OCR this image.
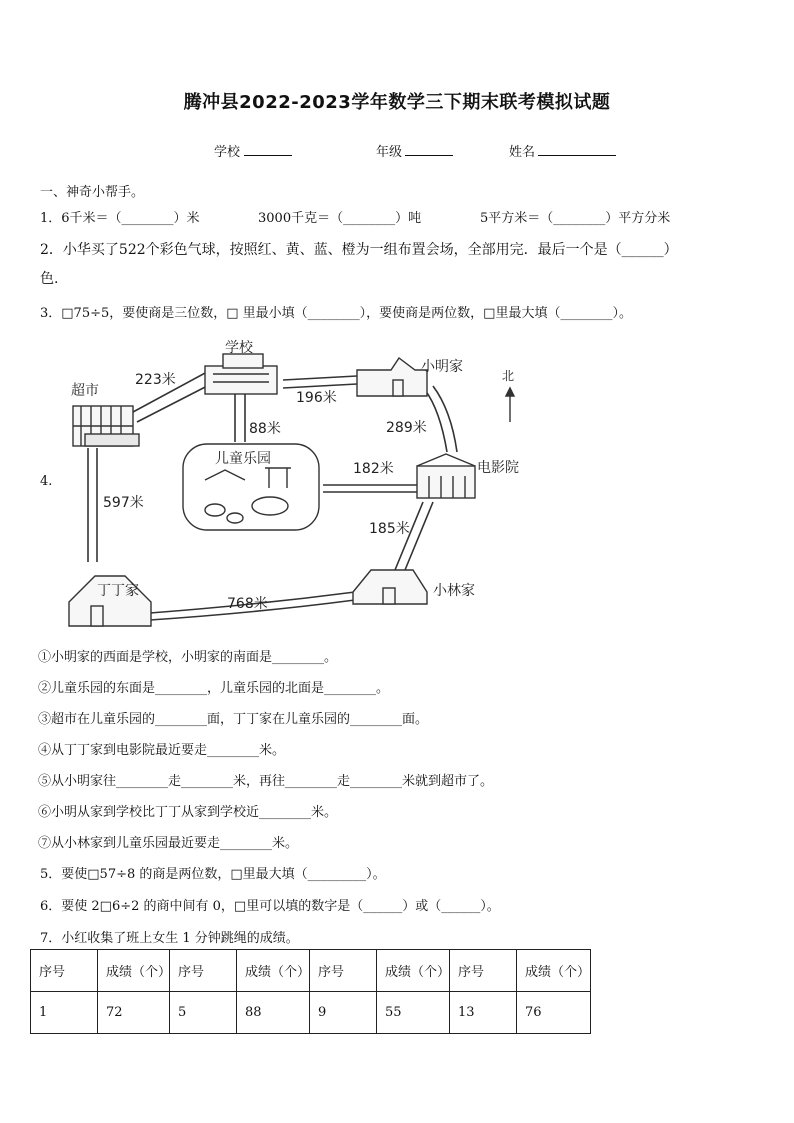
腾冲县2022-2023学年数学三下期末联考模拟试题
学校	年级	姓名
一、神奇小帮手。
1．6千米＝（________）米	3000千克＝（________）吨	5平方米＝（________）平方分米
2．小华买了522个彩色气球，按照红、黄、蓝、橙为一组布置会场，全部用完．最后一个是（______）
色.
3．□75÷5，要使商是三位数，□ 里最小填（________），要使商是两位数，□里最大填（________）。
4.
学校
超市
小明家
北
电影院
儿童乐园
丁丁家	小林家
223米
196米
88米	289米
182米
597米
185米
768米
①小明家的西面是学校，小明家的南面是________。
②儿童乐园的东面是________，儿童乐园的北面是________。
③超市在儿童乐园的________面，丁丁家在儿童乐园的________面。
④从丁丁家到电影院最近要走________米。
⑤从小明家往________走________米，再往________走________米就到超市了。
⑥小明从家到学校比丁丁从家到学校近________米。
⑦从小林家到儿童乐园最近要走________米。
5．要使□57÷8 的商是两位数，□里最大填（_________）。
6．要使 2□6÷2 的商中间有 0，□里可以填的数字是（______）或（______）。
7．小红收集了班上女生 1 分钟跳绳的成绩。
序号	成绩（个）	序号	成绩（个）	序号	成绩（个）	序号	成绩（个）
1	72	5	88	9	55	13	76
